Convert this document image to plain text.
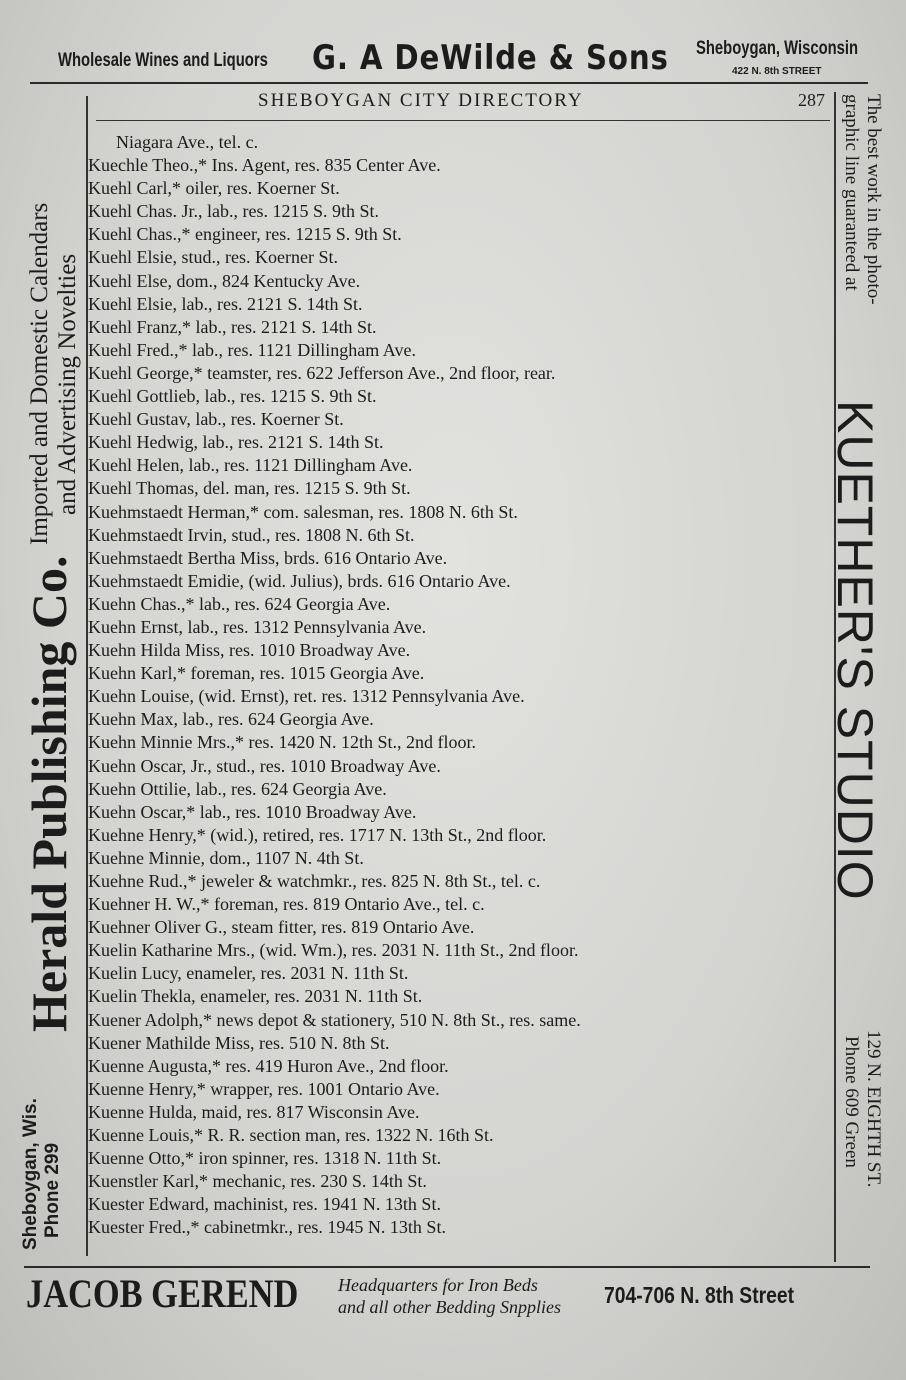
Wholesale Wines and Liquors G. A DeWilde & Sons Sheboygan, Wisconsin
422 N. 8th STREET
SHEBOYGAN CITY DIRECTORY	287
Niagara Ave., tel. c.
Kuechle Theo.,* Ins. Agent, res. 835 Center Ave.
Kuehl Carl,* oiler, res. Koerner St.
Kuehl Chas. Jr., lab., res. 1215 S. 9th St.
Kuehl Chas.,* engineer, res. 1215 S. 9th St.
Kuehl Elsie, stud., res. Koerner St.
Kuehl Else, dom., 824 Kentucky Ave.
Kuehl Elsie, lab., res. 2121 S. 14th St.
Kuehl Franz,* lab., res. 2121 S. 14th St.
Kuehl Fred.,* lab., res. 1121 Dillingham Ave.
Kuehl George,* teamster, res. 622 Jefferson Ave., 2nd floor, rear.
Kuehl Gottlieb, lab., res. 1215 S. 9th St.
Kuehl Gustav, lab., res. Koerner St.
Kuehl Hedwig, lab., res. 2121 S. 14th St.
Kuehl Helen, lab., res. 1121 Dillingham Ave.
Kuehl Thomas, del. man, res. 1215 S. 9th St.
Kuehmstaedt Herman,* com. salesman, res. 1808 N. 6th St.
Kuehmstaedt Irvin, stud., res. 1808 N. 6th St.
Kuehmstaedt Bertha Miss, brds. 616 Ontario Ave.
Kuehmstaedt Emidie, (wid. Julius), brds. 616 Ontario Ave.
Kuehn Chas.,* lab., res. 624 Georgia Ave.
Kuehn Ernst, lab., res. 1312 Pennsylvania Ave.
Kuehn Hilda Miss, res. 1010 Broadway Ave.
Kuehn Karl,* foreman, res. 1015 Georgia Ave.
Kuehn Louise, (wid. Ernst), ret. res. 1312 Pennsylvania Ave.
Kuehn Max, lab., res. 624 Georgia Ave.
Kuehn Minnie Mrs.,* res. 1420 N. 12th St., 2nd floor.
Kuehn Oscar, Jr., stud., res. 1010 Broadway Ave.
Kuehn Ottilie, lab., res. 624 Georgia Ave.
Kuehn Oscar,* lab., res. 1010 Broadway Ave.
Kuehne Henry,* (wid.), retired, res. 1717 N. 13th St., 2nd floor.
Kuehne Minnie, dom., 1107 N. 4th St.
Kuehne Rud.,* jeweler & watchmkr., res. 825 N. 8th St., tel. c.
Kuehner H. W.,* foreman, res. 819 Ontario Ave., tel. c.
Kuehner Oliver G., steam fitter, res. 819 Ontario Ave.
Kuelin Katharine Mrs., (wid. Wm.), res. 2031 N. 11th St., 2nd floor.
Kuelin Lucy, enameler, res. 2031 N. 11th St.
Kuelin Thekla, enameler, res. 2031 N. 11th St.
Kuener Adolph,* news depot & stationery, 510 N. 8th St., res. same.
Kuener Mathilde Miss, res. 510 N. 8th St.
Kuenne Augusta,* res. 419 Huron Ave., 2nd floor.
Kuenne Henry,* wrapper, res. 1001 Ontario Ave.
Kuenne Hulda, maid, res. 817 Wisconsin Ave.
Kuenne Louis,* R. R. section man, res. 1322 N. 16th St.
Kuenne Otto,* iron spinner, res. 1318 N. 11th St.
Kuenstler Karl,* mechanic, res. 230 S. 14th St.
Kuester Edward, machinist, res. 1941 N. 13th St.
Kuester Fred.,* cabinetmkr., res. 1945 N. 13th St.
Imported and Domestic Calendars and Advertising Novelties
Herald Publishing Co.
Sheboygan, Wis. Phone 299
The best work in the photo-
graphic line guaranteed at
KUETHER'S STUDIO
129 N. EIGHTH ST.
Phone 609 Green
JACOB GEREND Headquarters for Iron Beds
and all other Bedding Snpplies 704-706 N. 8th Street
